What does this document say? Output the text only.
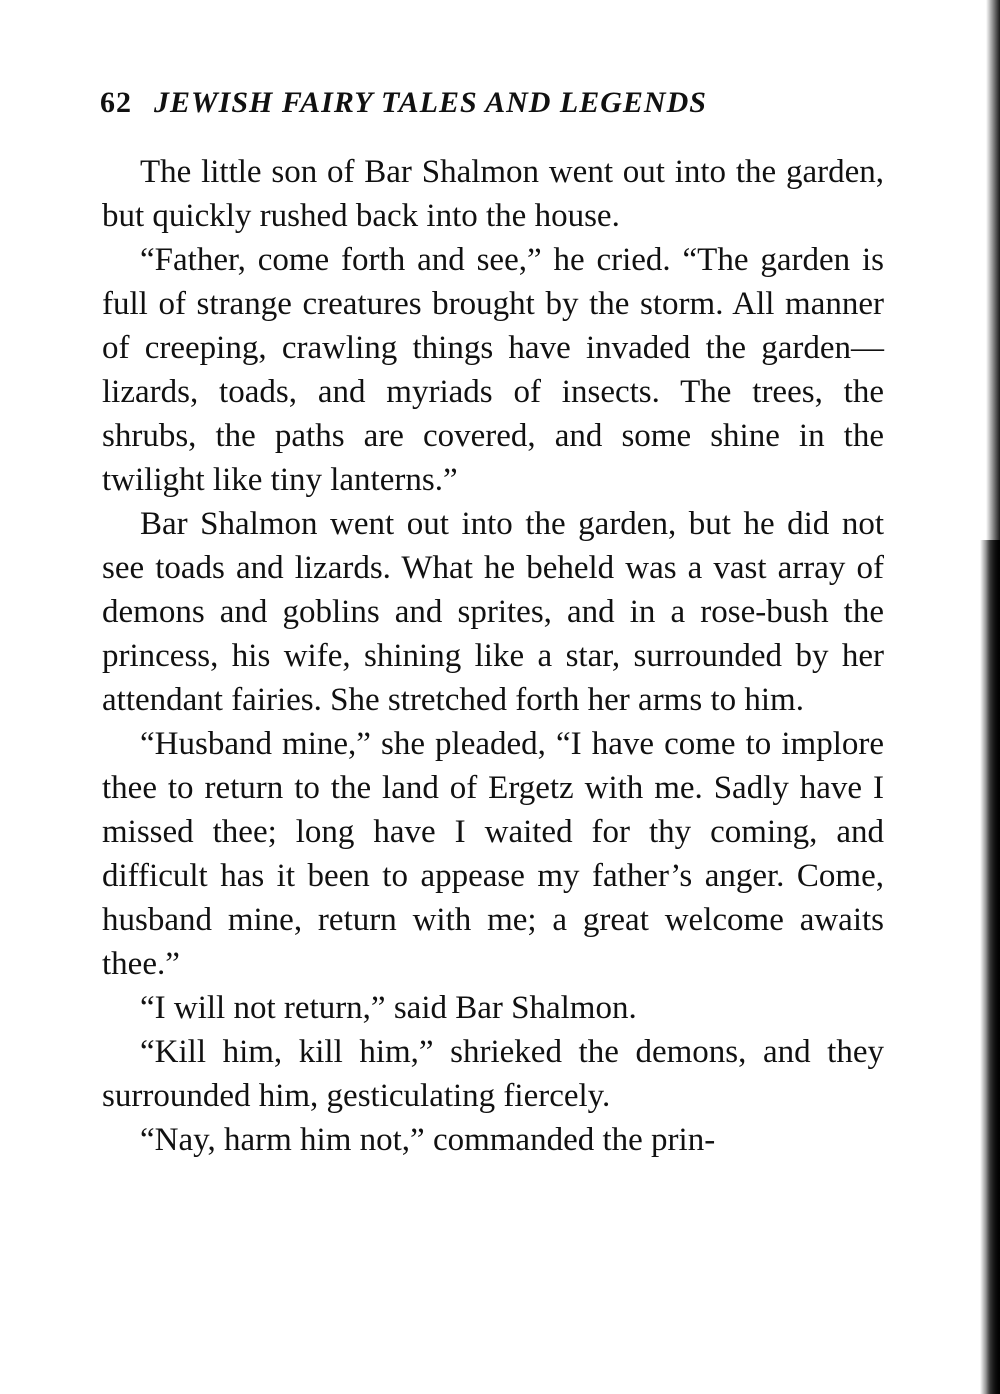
62 JEWISH FAIRY TALES AND LEGENDS

The little son of Bar Shalmon went out into the garden, but quickly rushed back into the house.

“Father, come forth and see,” he cried. “The garden is full of strange creatures brought by the storm. All manner of creeping, crawling things have invaded the garden—lizards, toads, and myriads of insects. The trees, the shrubs, the paths are covered, and some shine in the twilight like tiny lanterns.”

Bar Shalmon went out into the garden, but he did not see toads and lizards. What he beheld was a vast array of demons and goblins and sprites, and in a rose-bush the princess, his wife, shining like a star, surrounded by her attendant fairies. She stretched forth her arms to him.

“Husband mine,” she pleaded, “I have come to implore thee to return to the land of Ergetz with me. Sadly have I missed thee; long have I waited for thy coming, and difficult has it been to appease my father’s anger. Come, husband mine, return with me; a great welcome awaits thee.”

“I will not return,” said Bar Shalmon.

“Kill him, kill him,” shrieked the demons, and they surrounded him, gesticulating fiercely.

“Nay, harm him not,” commanded the prin-
